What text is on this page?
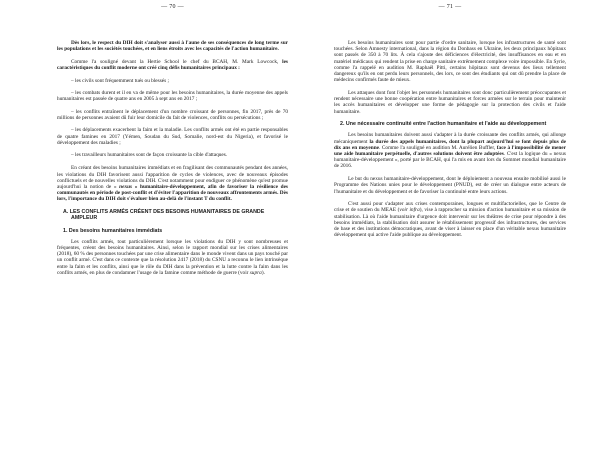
— 70 —

Dès lors, le respect du DIH doit s'analyser aussi à l'aune de ses conséquences de long terme sur les populations et les sociétés touchées, et en liens étroits avec les capacités de l'action humanitaire.

Comme l'a souligné devant la Hertie School le chef du BCAH, M. Mark Lowcock, les caractéristiques du conflit moderne ont créé cinq défis humanitaires principaux :

– les civils sont fréquemment tués ou blessés ;

– les combats durent et il en va de même pour les besoins humanitaires, la durée moyenne des appels humanitaires est passée de quatre ans en 2005 à sept ans en 2017 ;

– les conflits entraînent le déplacement d'un nombre croissant de personnes, fin 2017, près de 70 millions de personnes avaient dû fuir leur domicile du fait de violences, conflits ou persécutions ;

– les déplacements exacerbent la faim et la maladie. Les conflits armés ont été en partie responsables de quatre famines en 2017 (Yémen, Soudan du Sud, Somalie, nord-est du Nigeria), et favorisé le développement des maladies ;

– les travailleurs humanitaires sont de façon croissante la cible d'attaques.

En créant des besoins humanitaires immédiats et en fragilisant des communautés pendant des années, les violations du DIH favorisent aussi l'apparition de cycles de violences, avec de nouveaux épisodes conflictuels et de nouvelles violations du DIH. C'est notamment pour endiguer ce phénomène qu'est promue aujourd'hui la notion de « nexus » humanitaire-développement, afin de favoriser la résilience des communautés en période de post-conflit et d'éviter l'apparition de nouveaux affrontements armés. Dès lors, l'importance du DIH doit s'évaluer bien au-delà de l'instant T du conflit.

A. LES CONFLITS ARMÉS CRÉENT DES BESOINS HUMANITAIRES DE GRANDE AMPLEUR
1. Des besoins humanitaires immédiats

Les conflits armés, tout particulièrement lorsque les violations du DIH y sont nombreuses et fréquentes, créent des besoins humanitaires. Ainsi, selon le rapport mondial sur les crises alimentaires (2018), 60 % des personnes touchées par une crise alimentaire dans le monde vivent dans un pays touché par un conflit armé. C'est dans ce contexte que la résolution 2417 (2018) du CSNU a reconnu le lien intrinsèque entre la faim et les conflits, ainsi que le rôle du DIH dans la prévention et la lutte contre la faim dans les conflits armés, en plus de condamner l'usage de la famine comme méthode de guerre (voir supra).

— 71 —

Les besoins humanitaires sont pour partie d'ordre sanitaire, lorsque les infrastructures de santé sont touchées. Selon Amnesty international, dans la région du Donbass en Ukraine, les deux principaux hôpitaux sont passés de 350 à 70 lits. À cela s'ajoute des déficiences d'électricité, des insuffisances en eau et en matériel médicaux qui rendent la prise en charge sanitaire extrêmement complexe voire impossible. En Syrie, comme l'a rappelé en audition M. Raphaël Pitti, certains hôpitaux sont devenus des lieux tellement dangereux qu'ils en ont perdu leurs personnels, des lors, ce sont des étudiants qui ont dû prendre la place de médecins confirmés faute de mieux.

Les attaques dont font l'objet les personnels humanitaires sont donc particulièrement préoccupantes et rendent nécessaire une bonne coopération entre humanitaires et forces armées sur le terrain pour maintenir les accès humanitaires et développer une forme de pédagogie sur la protection des civils et l'aide humanitaire.

2. Une nécessaire continuité entre l'action humanitaire et l'aide au développement

Les besoins humanitaires doivent aussi s'adapter à la durée croissante des conflits armés, qui allonge mécaniquement la durée des appels humanitaires, dont la plupart aujourd'hui se font depuis plus de dix ans en moyenne. Comme l'a souligné en audition M. Aurélien Buffler, face à l'impossibilité de mener une aide humanitaire perpétuelle, d'autres solutions doivent être adoptées. C'est la logique du « nexus humanitaire-développement », porté par le BCAH, qui l'a mis en avant lors du Sommet mondial humanitaire de 2016.

Le but du nexus humanitaire-développement, dont le déploiement a nouveau ensuite mobilisé aussi le Programme des Nations unies pour le développement (PNUD), est de créer un dialogue entre acteurs de l'humanitaire et du développement et de favoriser la continuité entre leurs actions.

C'est aussi pour s'adapter aux crises contemporaines, longues et multifactorielles, que le Centre de crise et de soutien du MEAE (voir infra), vise à rapprocher sa mission d'action humanitaire et sa mission de stabilisation. Là où l'aide humanitaire d'urgence doit intervenir sur les théâtres de crise pour répondre à des besoins immédiats, la stabilisation doit assurer le rétablissement progressif des infrastructures, des services de base et des institutions démocratiques, avant de viser à laisser en place d'un véritable nexus humanitaire développement qui active l'aide publique au développement.
